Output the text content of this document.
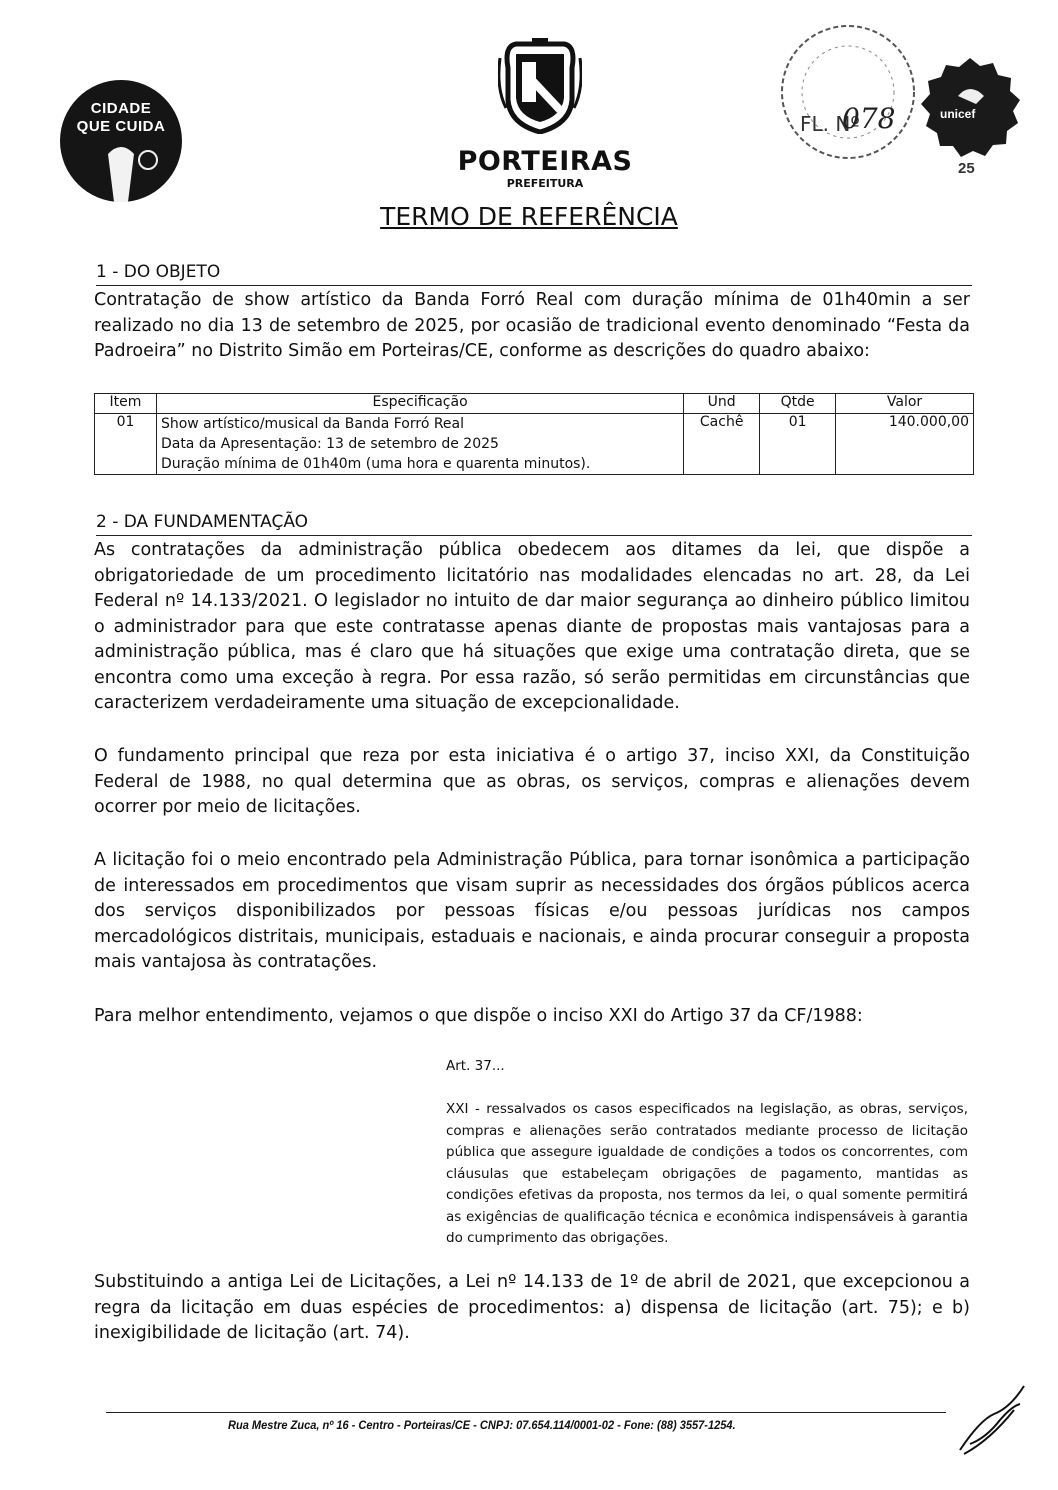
CIDADE
QUE CUIDA
PORTEIRAS
PREFEITURA
FL. Nº
078	unicef
25
TERMO DE REFERÊNCIA
1 - DO OBJETO
Contratação de show artístico da Banda Forró Real com duração mínima de 01h40min a ser realizado no dia 13 de setembro de 2025, por ocasião de tradicional evento denominado “Festa da Padroeira” no Distrito Simão em Porteiras/CE, conforme as descrições do quadro abaixo:
Item	Especificação	Und	Qtde	Valor
01	Show artístico/musical da Banda Forró Real
Data da Apresentação: 13 de setembro de 2025
Duração mínima de 01h40m (uma hora e quarenta minutos).	Cachê	01	140.000,00
2 - DA FUNDAMENTAÇÃO
As contratações da administração pública obedecem aos ditames da lei, que dispõe a obrigatoriedade de um procedimento licitatório nas modalidades elencadas no art. 28, da Lei Federal nº 14.133/2021. O legislador no intuito de dar maior segurança ao dinheiro público limitou o administrador para que este contratasse apenas diante de propostas mais vantajosas para a administração pública, mas é claro que há situações que exige uma contratação direta, que se encontra como uma exceção à regra. Por essa razão, só serão permitidas em circunstâncias que caracterizem verdadeiramente uma situação de excepcionalidade.
O fundamento principal que reza por esta iniciativa é o artigo 37, inciso XXI, da Constituição Federal de 1988, no qual determina que as obras, os serviços, compras e alienações devem ocorrer por meio de licitações.
A licitação foi o meio encontrado pela Administração Pública, para tornar isonômica a participação de interessados em procedimentos que visam suprir as necessidades dos órgãos públicos acerca dos serviços disponibilizados por pessoas físicas e/ou pessoas jurídicas nos campos mercadológicos distritais, municipais, estaduais e nacionais, e ainda procurar conseguir a proposta mais vantajosa às contratações.
Para melhor entendimento, vejamos o que dispõe o inciso XXI do Artigo 37 da CF/1988:
Art. 37...
XXI - ressalvados os casos especificados na legislação, as obras, serviços, compras e alienações serão contratados mediante processo de licitação pública que assegure igualdade de condições a todos os concorrentes, com cláusulas que estabeleçam obrigações de pagamento, mantidas as condições efetivas da proposta, nos termos da lei, o qual somente permitirá as exigências de qualificação técnica e econômica indispensáveis à garantia do cumprimento das obrigações.
Substituindo a antiga Lei de Licitações, a Lei nº 14.133 de 1º de abril de 2021, que excepcionou a regra da licitação em duas espécies de procedimentos: a) dispensa de licitação (art. 75); e b) inexigibilidade de licitação (art. 74).
Rua Mestre Zuca, nº 16 - Centro - Porteiras/CE - CNPJ: 07.654.114/0001-02 - Fone: (88) 3557-1254.
